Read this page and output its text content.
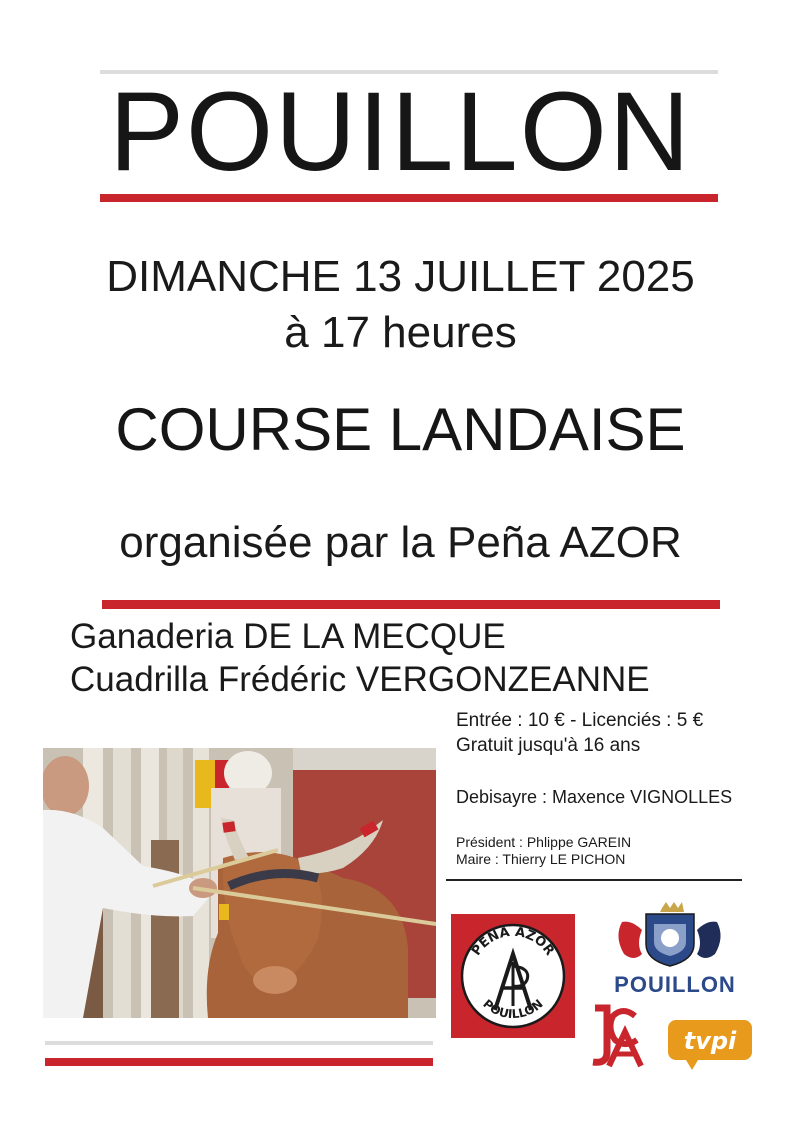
POUILLON
DIMANCHE 13 JUILLET 2025
à 17 heures
COURSE LANDAISE
organisée par la Peña AZOR
Ganaderia DE LA MECQUE
Cuadrilla Frédéric VERGONZEANNE
Entrée : 10 € - Licenciés : 5 €
Gratuit jusqu'à 16 ans
Debisayre : Maxence VIGNOLLES
Président : Phlippe GAREIN
Maire : Thierry LE PICHON
PEÑA AZOR
POUILLON
POUILLON
tvpi
